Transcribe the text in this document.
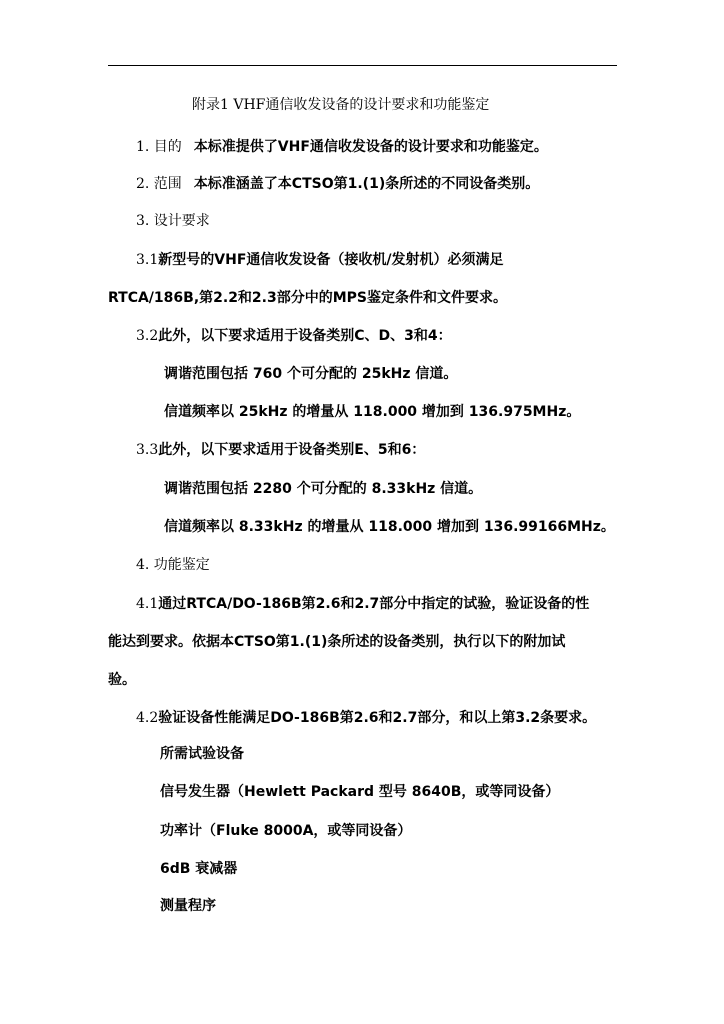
附录1 VHF通信收发设备的设计要求和功能鉴定
1. 目的 本标准提供了VHF通信收发设备的设计要求和功能鉴定。
2. 范围 本标准涵盖了本CTSO第1.(1)条所述的不同设备类别。
3. 设计要求
3.1新型号的VHF通信收发设备（接收机/发射机）必须满足
RTCA/186B,第2.2和2.3部分中的MPS鉴定条件和文件要求。
3.2此外，以下要求适用于设备类别C、D、3和4：
调谐范围包括 760 个可分配的 25kHz 信道。
信道频率以 25kHz 的增量从 118.000 增加到 136.975MHz。
3.3此外，以下要求适用于设备类别E、5和6：
调谐范围包括 2280 个可分配的 8.33kHz 信道。
信道频率以 8.33kHz 的增量从 118.000 增加到 136.99166MHz。
4. 功能鉴定
4.1通过RTCA/DO-186B第2.6和2.7部分中指定的试验，验证设备的性
能达到要求。依据本CTSO第1.(1)条所述的设备类别，执行以下的附加试
验。
4.2验证设备性能满足DO-186B第2.6和2.7部分，和以上第3.2条要求。
所需试验设备
信号发生器（Hewlett Packard 型号 8640B，或等同设备）
功率计（Fluke 8000A，或等同设备）
6dB 衰减器
测量程序
